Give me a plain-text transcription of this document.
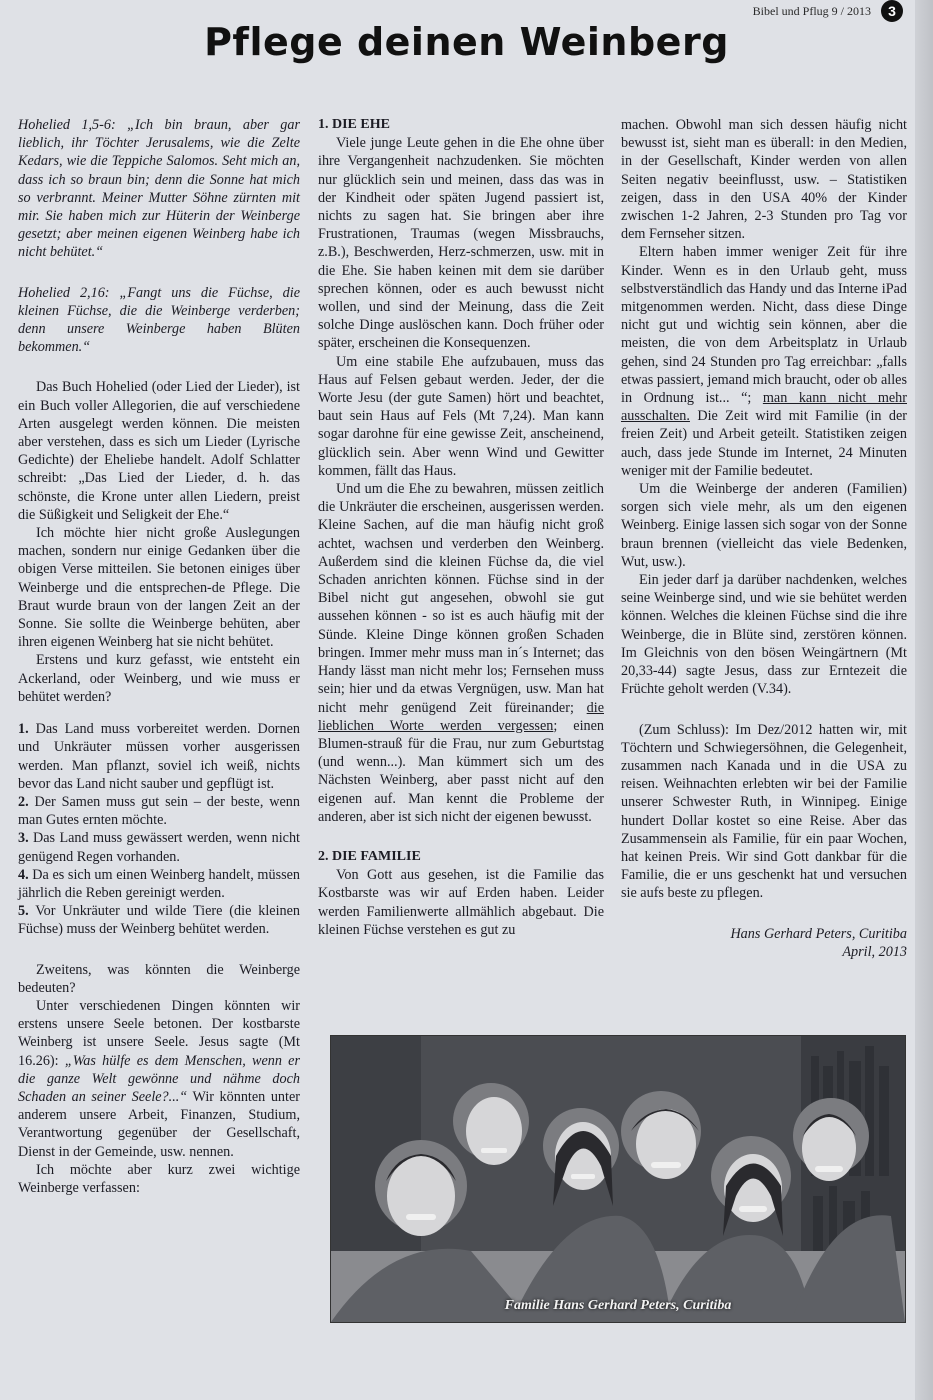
Bibel und Pflug 9 / 2013	3
Pflege deinen Weinberg

Hohelied 1,5-6: „Ich bin braun, aber gar lieblich, ihr Töchter Jerusalems, wie die Zelte Kedars, wie die Teppiche Salomos. Seht mich an, dass ich so braun bin; denn die Sonne hat mich so verbrannt. Meiner Mutter Söhne zürnten mit mir. Sie haben mich zur Hüterin der Weinberge gesetzt; aber meinen eigenen Weinberg habe ich nicht behütet.“

Hohelied 2,16: „Fangt uns die Füchse, die kleinen Füchse, die die Weinberge verderben; denn unsere Weinberge haben Blüten bekommen.“

Das Buch Hohelied (oder Lied der Lieder), ist ein Buch voller Allegorien, die auf verschiedene Arten ausgelegt werden können. Die meisten aber verstehen, dass es sich um Lieder (Lyrische Gedichte) der Eheliebe handelt. Adolf Schlatter schreibt: „Das Lied der Lieder, d. h. das schönste, die Krone unter allen Liedern, preist die Süßigkeit und Seligkeit der Ehe.“

Ich möchte hier nicht große Auslegungen machen, sondern nur einige Gedanken über die obigen Verse mitteilen. Sie betonen einiges über Weinberge und die entsprechen-de Pflege. Die Braut wurde braun von der langen Zeit an der Sonne. Sie sollte die Weinberge behüten, aber ihren eigenen Weinberg hat sie nicht behütet.

Erstens und kurz gefasst, wie entsteht ein Ackerland, oder Weinberg, und wie muss er behütet werden?

1. Das Land muss vorbereitet werden. Dornen und Unkräuter müssen vorher ausgerissen werden. Man pflanzt, soviel ich weiß, nichts bevor das Land nicht sauber und gepflügt ist.

2. Der Samen muss gut sein – der beste, wenn man Gutes ernten möchte.

3. Das Land muss gewässert werden, wenn nicht genügend Regen vorhanden.

4. Da es sich um einen Weinberg handelt, müssen jährlich die Reben gereinigt werden.

5. Vor Unkräuter und wilde Tiere (die kleinen Füchse) muss der Weinberg behütet werden.

Zweitens, was könnten die Weinberge bedeuten?

Unter verschiedenen Dingen könnten wir erstens unsere Seele betonen. Der kostbarste Weinberg ist unsere Seele. Jesus sagte (Mt 16.26): „Was hülfe es dem Menschen, wenn er die ganze Welt gewönne und nähme doch Schaden an seiner Seele?...“ Wir könnten unter anderem unsere Arbeit, Finanzen, Studium, Verantwortung gegenüber der Gesellschaft, Dienst in der Gemeinde, usw. nennen.

Ich möchte aber kurz zwei wichtige Weinberge verfassen:

1. DIE EHE

Viele junge Leute gehen in die Ehe ohne über ihre Vergangenheit nachzudenken. Sie möchten nur glücklich sein und meinen, dass das was in der Kindheit oder späten Jugend passiert ist, nichts zu sagen hat. Sie bringen aber ihre Frustrationen, Traumas (wegen Missbrauchs, z.B.), Beschwerden, Herz-schmerzen, usw. mit in die Ehe. Sie haben keinen mit dem sie darüber sprechen können, oder es auch bewusst nicht wollen, und sind der Meinung, dass die Zeit solche Dinge auslöschen kann. Doch früher oder später, erscheinen die Konsequenzen.

Um eine stabile Ehe aufzubauen, muss das Haus auf Felsen gebaut werden. Jeder, der die Worte Jesu (der gute Samen) hört und beachtet, baut sein Haus auf Fels (Mt 7,24). Man kann sogar darohne für eine gewisse Zeit, anscheinend, glücklich sein. Aber wenn Wind und Gewitter kommen, fällt das Haus.

Und um die Ehe zu bewahren, müssen zeitlich die Unkräuter die erscheinen, ausgerissen werden. Kleine Sachen, auf die man häufig nicht groß achtet, wachsen und verderben den Weinberg. Außerdem sind die kleinen Füchse da, die viel Schaden anrichten können. Füchse sind in der Bibel nicht gut angesehen, obwohl sie gut aussehen können - so ist es auch häufig mit der Sünde. Kleine Dinge können großen Schaden bringen. Immer mehr muss man in´s Internet; das Handy lässt man nicht mehr los; Fernsehen muss sein; hier und da etwas Vergnügen, usw. Man hat nicht mehr genügend Zeit füreinander; die lieblichen Worte werden vergessen; einen Blumen-strauß für die Frau, nur zum Geburtstag (und wenn...). Man kümmert sich um des Nächsten Weinberg, aber passt nicht auf den eigenen auf. Man kennt die Probleme der anderen, aber ist sich nicht der eigenen bewusst.

2. DIE FAMILIE

Von Gott aus gesehen, ist die Familie das Kostbarste was wir auf Erden haben. Leider werden Familienwerte allmählich abgebaut. Die kleinen Füchse verstehen es gut zu

machen. Obwohl man sich dessen häufig nicht bewusst ist, sieht man es überall: in den Medien, in der Gesellschaft, Kinder werden von allen Seiten negativ beeinflusst, usw. – Statistiken zeigen, dass in den USA 40% der Kinder zwischen 1-2 Jahren, 2-3 Stunden pro Tag vor dem Fernseher sitzen.

Eltern haben immer weniger Zeit für ihre Kinder. Wenn es in den Urlaub geht, muss selbstverständlich das Handy und das Interne iPad mitgenommen werden. Nicht, dass diese Dinge nicht gut und wichtig sein können, aber die meisten, die von dem Arbeitsplatz in Urlaub gehen, sind 24 Stunden pro Tag erreichbar: „falls etwas passiert, jemand mich braucht, oder ob alles in Ordnung ist... “; man kann nicht mehr ausschalten. Die Zeit wird mit Familie (in der freien Zeit) und Arbeit geteilt. Statistiken zeigen auch, dass jede Stunde im Internet, 24 Minuten weniger mit der Familie bedeutet.

Um die Weinberge der anderen (Familien) sorgen sich viele mehr, als um den eigenen Weinberg. Einige lassen sich sogar von der Sonne braun brennen (vielleicht das viele Bedenken, Wut, usw.).

Ein jeder darf ja darüber nachdenken, welches seine Weinberge sind, und wie sie behütet werden können. Welches die kleinen Füchse sind die ihre Weinberge, die in Blüte sind, zerstören können. Im Gleichnis von den bösen Weingärtnern (Mt 20,33-44) sagte Jesus, dass zur Erntezeit die Früchte geholt werden (V.34).

(Zum Schluss): Im Dez/2012 hatten wir, mit Töchtern und Schwiegersöhnen, die Gelegenheit, zusammen nach Kanada und in die USA zu reisen. Weihnachten erlebten wir bei der Familie unserer Schwester Ruth, in Winnipeg. Einige hundert Dollar kostet so eine Reise. Aber das Zusammensein als Familie, für ein paar Wochen, hat keinen Preis. Wir sind Gott dankbar für die Familie, die er uns geschenkt hat und versuchen sie aufs beste zu pflegen.

Hans Gerhard Peters, Curitiba

April, 2013

Familie Hans Gerhard Peters, Curitiba
